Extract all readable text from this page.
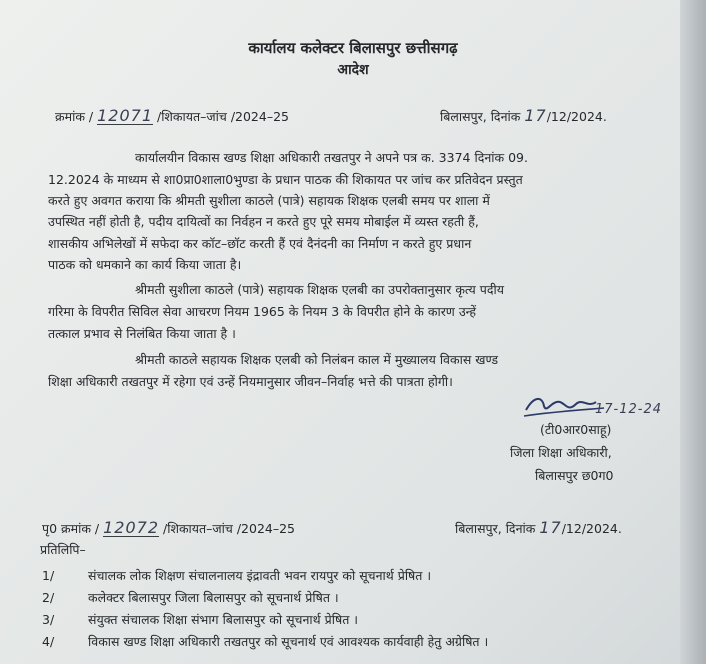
कार्यालय कलेक्टर बिलासपुर छत्तीसगढ़
आदेश
क्रमांक / 12071 /शिकायत–जांच /2024–25	बिलासपुर, दिनांक 17/12/2024.
कार्यालयीन विकास खण्ड शिक्षा अधिकारी तखतपुर ने अपने पत्र क. 3374 दिनांक 09.
12.2024 के माध्यम से शा0प्रा0शाला0भुण्डा के प्रधान पाठक की शिकायत पर जांच कर प्रतिवेदन प्रस्तुत
करते हुए अवगत कराया कि श्रीमती सुशीला काठले (पात्रे) सहायक शिक्षक एलबी समय पर शाला में
उपस्थित नहीं होती है, पदीय दायित्वों का निर्वहन न करते हुए पूरे समय मोबाईल में व्यस्त रहती हैं,
शासकीय अभिलेखों में सफेदा कर कॉट–छॉट करती हैं एवं दैनंदनी का निर्माण न करते हुए प्रधान
पाठक को धमकाने का कार्य किया जाता है।
श्रीमती सुशीला काठले (पात्रे) सहायक शिक्षक एलबी का उपरोक्तानुसार कृत्य पदीय
गरिमा के विपरीत सिविल सेवा आचरण नियम 1965 के नियम 3 के विपरीत होने के कारण उन्हें
तत्काल प्रभाव से निलंबित किया जाता है ।
श्रीमती काठले सहायक शिक्षक एलबी को निलंबन काल में मुख्यालय विकास खण्ड
शिक्षा अधिकारी तखतपुर में रहेगा एवं उन्हें नियमानुसार जीवन–निर्वाह भत्ते की पात्रता होगी।
17-12-24
(टी0आर0साहू)
जिला शिक्षा अधिकारी,
बिलासपुर छ0ग0
पृ0 क्रमांक / 12072 /शिकायत–जांच /2024–25	बिलासपुर, दिनांक 17/12/2024.
प्रतिलिपि–
1/	संचालक लोक शिक्षण संचालनालय इंद्रावती भवन रायपुर को सूचनार्थ प्रेषित ।
2/	कलेक्टर बिलासपुर जिला बिलासपुर को सूचनार्थ प्रेषित ।
3/	संयुक्त संचालक शिक्षा संभाग बिलासपुर को सूचनार्थ प्रेषित ।
4/	विकास खण्ड शिक्षा अधिकारी तखतपुर को सूचनार्थ एवं आवश्यक कार्यवाही हेतु अग्रेषित ।
